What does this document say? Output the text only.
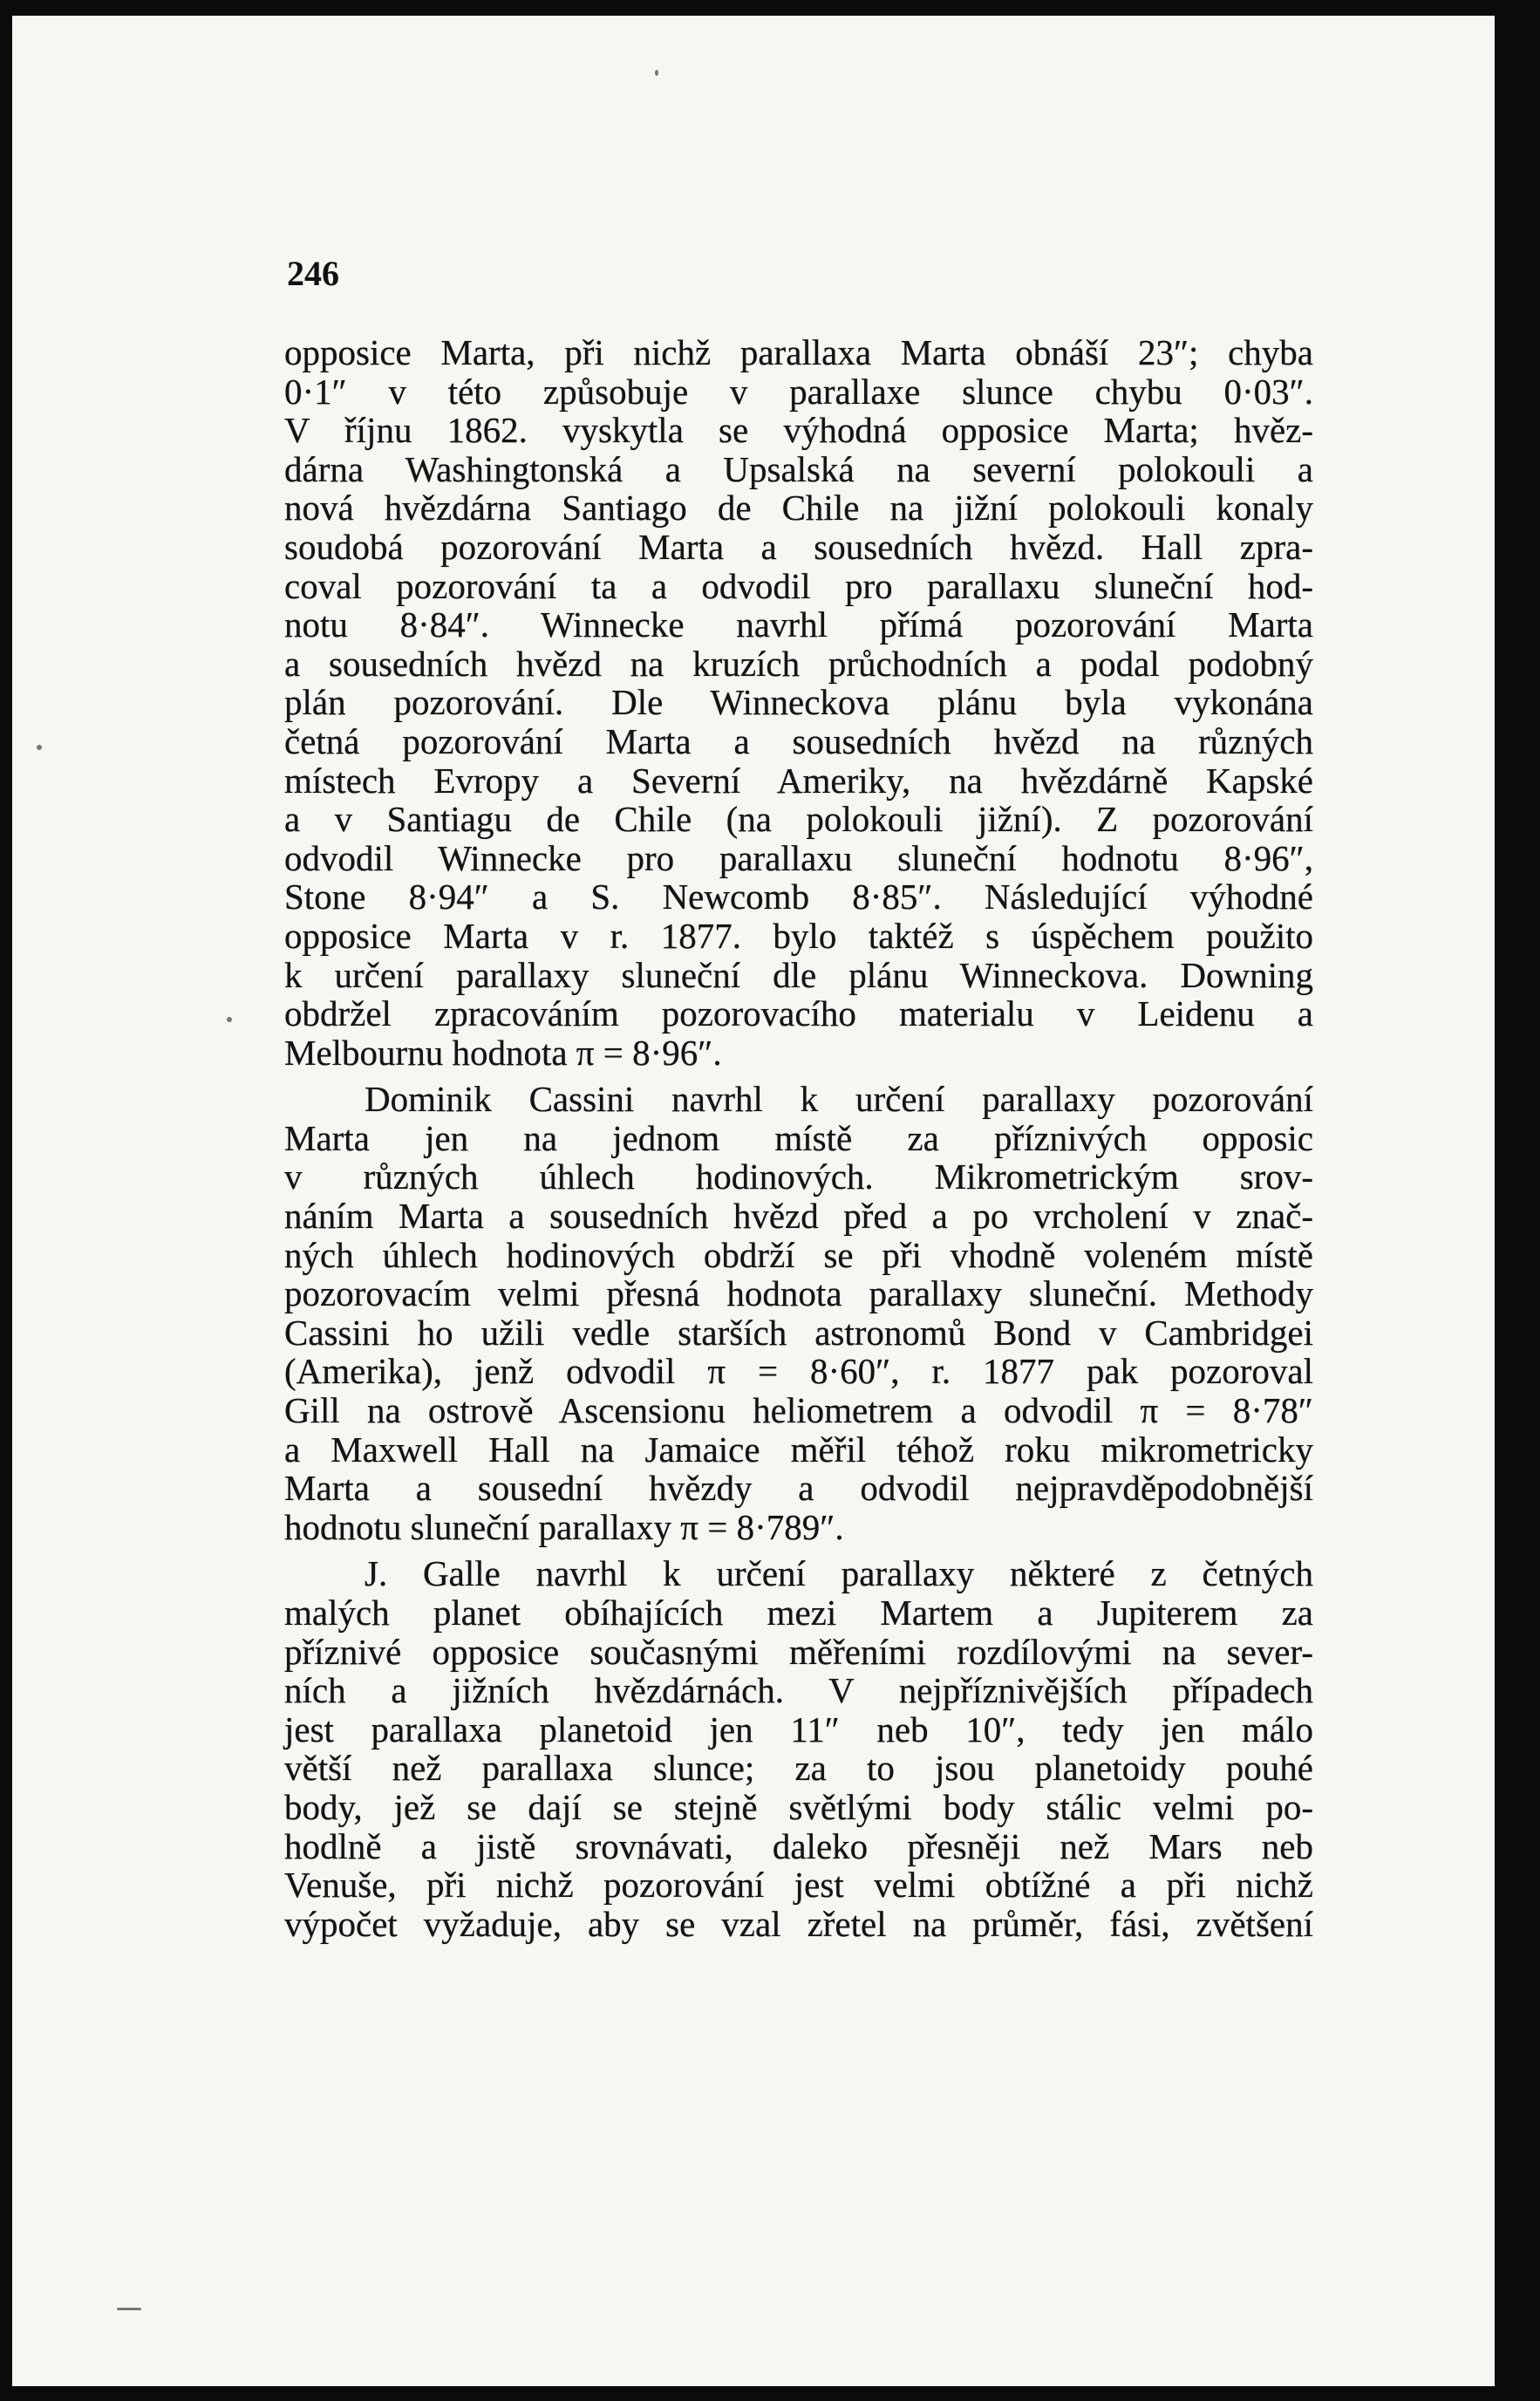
246
opposice Marta, při nichž parallaxa Marta obnáší 23″; chyba
0·1″ v této způsobuje v parallaxe slunce chybu 0·03″.
V říjnu 1862. vyskytla se výhodná opposice Marta; hvěz-
dárna Washingtonská a Upsalská na severní polokouli a
nová hvězdárna Santiago de Chile na jižní polokouli konaly
soudobá pozorování Marta a sousedních hvězd. Hall zpra-
coval pozorování ta a odvodil pro parallaxu sluneční hod-
notu 8·84″. Winnecke navrhl přímá pozorování Marta
a sousedních hvězd na kruzích průchodních a podal podobný
plán pozorování. Dle Winneckova plánu byla vykonána
četná pozorování Marta a sousedních hvězd na různých
místech Evropy a Severní Ameriky, na hvězdárně Kapské
a v Santiagu de Chile (na polokouli jižní). Z pozorování
odvodil Winnecke pro parallaxu sluneční hodnotu 8·96″,
Stone 8·94″ a S. Newcomb 8·85″. Následující výhodné
opposice Marta v r. 1877. bylo taktéž s úspěchem použito
k určení parallaxy sluneční dle plánu Winneckova. Downing
obdržel zpracováním pozorovacího materialu v Leidenu a
Melbournu hodnota π = 8·96″.
Dominik Cassini navrhl k určení parallaxy pozorování
Marta jen na jednom místě za příznivých opposic
v různých úhlech hodinových. Mikrometrickým srov-
náním Marta a sousedních hvězd před a po vrcholení v znač-
ných úhlech hodinových obdrží se při vhodně voleném místě
pozorovacím velmi přesná hodnota parallaxy sluneční. Methody
Cassini ho užili vedle starších astronomů Bond v Cambridgei
(Amerika), jenž odvodil π = 8·60″, r. 1877 pak pozoroval
Gill na ostrově Ascensionu heliometrem a odvodil π = 8·78″
a Maxwell Hall na Jamaice měřil téhož roku mikrometricky
Marta a sousední hvězdy a odvodil nejpravděpodobnější
hodnotu sluneční parallaxy π = 8·789″.
J. Galle navrhl k určení parallaxy některé z četných
malých planet obíhajících mezi Martem a Jupiterem za
příznivé opposice současnými měřeními rozdílovými na sever-
ních a jižních hvězdárnách. V nejpříznivějších případech
jest parallaxa planetoid jen 11″ neb 10″, tedy jen málo
větší než parallaxa slunce; za to jsou planetoidy pouhé
body, jež se dají se stejně světlými body stálic velmi po-
hodlně a jistě srovnávati, daleko přesněji než Mars neb
Venuše, při nichž pozorování jest velmi obtížné a při nichž
výpočet vyžaduje, aby se vzal zřetel na průměr, fási, zvětšení
